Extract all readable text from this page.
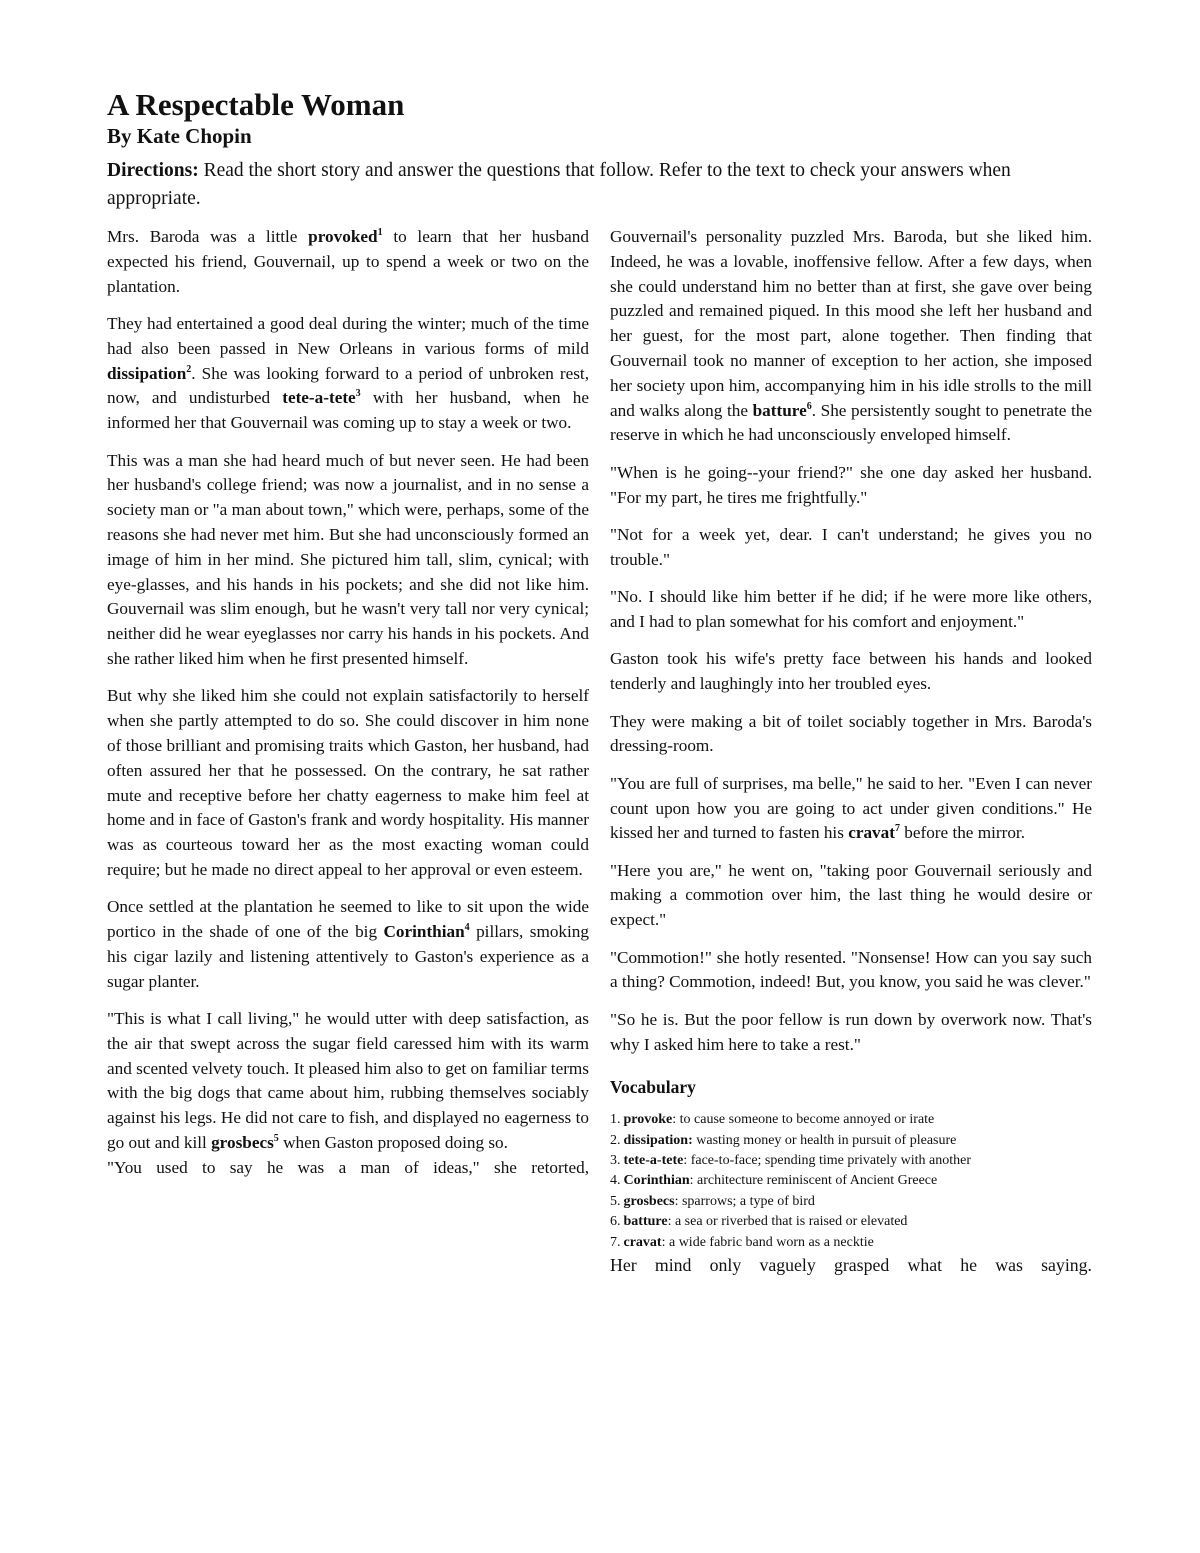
A Respectable Woman
By Kate Chopin

Directions: Read the short story and answer the questions that follow. Refer to the text to check your answers when appropriate.

Mrs. Baroda was a little provoked$^1$ to learn that her husband expected his friend, Gouvernail, up to spend a week or two on the plantation.

They had entertained a good deal during the winter; much of the time had also been passed in New Orleans in various forms of mild dissipation$^2$. She was looking forward to a period of unbroken rest, now, and undisturbed tete-a-tete$^3$ with her husband, when he informed her that Gouvernail was coming up to stay a week or two.

This was a man she had heard much of but never seen. He had been her husband's college friend; was now a journalist, and in no sense a society man or "a man about town," which were, perhaps, some of the reasons she had never met him. But she had unconsciously formed an image of him in her mind. She pictured him tall, slim, cynical; with eye-glasses, and his hands in his pockets; and she did not like him. Gouvernail was slim enough, but he wasn't very tall nor very cynical; neither did he wear eyeglasses nor carry his hands in his pockets. And she rather liked him when he first presented himself.

But why she liked him she could not explain satisfactorily to herself when she partly attempted to do so. She could discover in him none of those brilliant and promising traits which Gaston, her husband, had often assured her that he possessed. On the contrary, he sat rather mute and receptive before her chatty eagerness to make him feel at home and in face of Gaston's frank and wordy hospitality. His manner was as courteous toward her as the most exacting woman could require; but he made no direct appeal to her approval or even esteem.

Once settled at the plantation he seemed to like to sit upon the wide portico in the shade of one of the big Corinthian$^4$ pillars, smoking his cigar lazily and listening attentively to Gaston's experience as a sugar planter.

"This is what I call living," he would utter with deep satisfaction, as the air that swept across the sugar field caressed him with its warm and scented velvety touch. It pleased him also to get on familiar terms with the big dogs that came about him, rubbing themselves sociably against his legs. He did not care to fish, and displayed no eagerness to go out and kill grosbecs$^5$ when Gaston proposed doing so.

"You used to say he was a man of ideas," she retorted,

Gouvernail's personality puzzled Mrs. Baroda, but she liked him. Indeed, he was a lovable, inoffensive fellow. After a few days, when she could understand him no better than at first, she gave over being puzzled and remained piqued. In this mood she left her husband and her guest, for the most part, alone together. Then finding that Gouvernail took no manner of exception to her action, she imposed her society upon him, accompanying him in his idle strolls to the mill and walks along the batture$^6$. She persistently sought to penetrate the reserve in which he had unconsciously enveloped himself.

"When is he going--your friend?" she one day asked her husband. "For my part, he tires me frightfully."

"Not for a week yet, dear. I can't understand; he gives you no trouble."

"No. I should like him better if he did; if he were more like others, and I had to plan somewhat for his comfort and enjoyment."

Gaston took his wife's pretty face between his hands and looked tenderly and laughingly into her troubled eyes.

They were making a bit of toilet sociably together in Mrs. Baroda's dressing-room.

"You are full of surprises, ma belle," he said to her. "Even I can never count upon how you are going to act under given conditions." He kissed her and turned to fasten his cravat$^7$ before the mirror.

"Here you are," he went on, "taking poor Gouvernail seriously and making a commotion over him, the last thing he would desire or expect."

"Commotion!" she hotly resented. "Nonsense! How can you say such a thing? Commotion, indeed! But, you know, you said he was clever."

"So he is. But the poor fellow is run down by overwork now. That's why I asked him here to take a rest."

Vocabulary
1. provoke: to cause someone to become annoyed or irate
2. dissipation: wasting money or health in pursuit of pleasure
3. tete-a-tete: face-to-face; spending time privately with another
4. Corinthian: architecture reminiscent of Ancient Greece
5. grosbecs: sparrows; a type of bird
6. batture: a sea or riverbed that is raised or elevated
7. cravat: a wide fabric band worn as a necktie

Her mind only vaguely grasped what he was saying.
